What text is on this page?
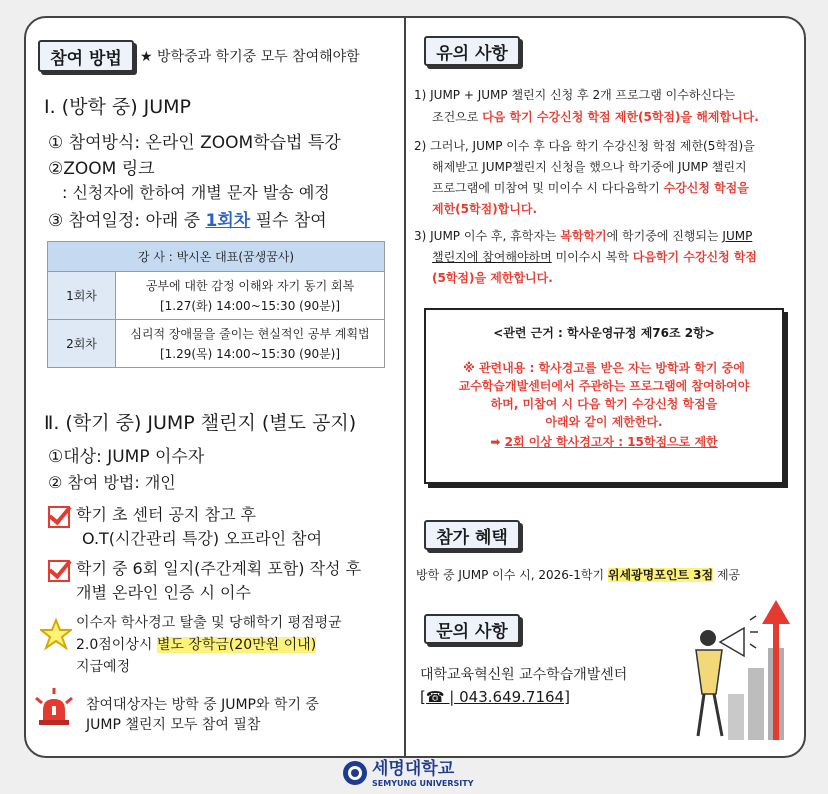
참여 방법	★ 방학중과 학기중 모두 참여해야함
Ⅰ. (방학 중) JUMP
① 참여방식: 온라인 ZOOM학습법 특강
②ZOOM 링크
: 신청자에 한하여 개별 문자 발송 예정
③ 참여일정: 아래 중 1회차 필수 참여
강 사 : 박시온 대표(꿈생꿈사)	
1회차	공부에 대한 감정 이해와 자기 동기 회복
[1.27(화) 14:00~15:30 (90분)]

2회차	심리적 장애물을 줄이는 현실적인 공부 계획법
[1.29(목) 14:00~15:30 (90분)]
Ⅱ. (학기 중) JUMP 챌린지 (별도 공지)
①대상: JUMP 이수자
② 참여 방법: 개인
학기 초 센터 공지 참고 후
O.T(시간관리 특강) 오프라인 참여
학기 중 6회 일지(주간계획 포함) 작성 후
개별 온라인 인증 시 이수
이수자 학사경고 탈출 및 당해학기 평점평균
2.0점이상시 별도 장학금(20만원 이내)
지급예정
참여대상자는 방학 중 JUMP와 학기 중
JUMP 챌린지 모두 참여 필참
유의 사항
1) JUMP + JUMP 챌린지 신청 후 2개 프로그램 이수하신다는
조건으로 다음 학기 수강신청 학점 제한(5학점)을 해제합니다.
2) 그러나, JUMP 이수 후 다음 학기 수강신청 학점 제한(5학점)을
해제받고 JUMP챌린지 신청을 했으나 학기중에 JUMP 챌린지
프로그램에 미참여 및 미이수 시 다다음학기 수강신청 학점을
제한(5학점)합니다.
3) JUMP 이수 후, 휴학자는 복학학기에 학기중에 진행되는 JUMP
챌린지에 참여해야하며 미이수시 복학 다음학기 수강신청 학점
(5학점)을 제한합니다.
<관련 근거 : 학사운영규정 제76조 2항>
※ 관련내용 : 학사경고를 받은 자는 방학과 학기 중에
교수학습개발센터에서 주관하는 프로그램에 참여하여야
하며, 미참여 시 다음 학기 수강신청 학점을
아래와 같이 제한한다.
➡ 2회 이상 학사경고자 : 15학점으로 제한
참가 혜택
방학 중 JUMP 이수 시, 2026-1학기 위세광명포인트 3점 제공
문의 사항
대학교육혁신원 교수학습개발센터
[☎ | 043.649.7164]
세명대학교
SEMYUNG UNIVERSITY
